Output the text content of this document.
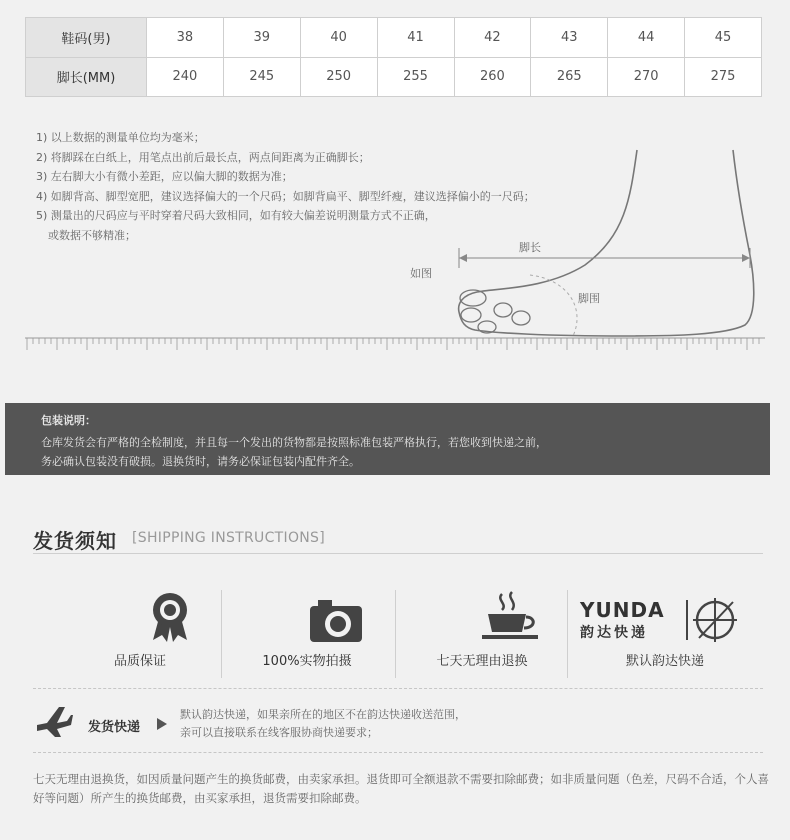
鞋码(男)	38	39	40	41	42	43	44	45
脚长(MM)	240	245	250	255	260	265	270	275
1) 以上数据的测量单位均为毫米；
2) 将脚踩在白纸上，用笔点出前后最长点，两点间距离为正确脚长；
3) 左右脚大小有微小差距，应以偏大脚的数据为准；
4) 如脚背高、脚型宽肥，建议选择偏大的一个尺码；如脚背扁平、脚型纤瘦，建议选择偏小的一尺码；
5) 测量出的尺码应与平时穿着尺码大致相同，如有较大偏差说明测量方式不正确，
或数据不够精准；
脚长
如图
脚围
包装说明：
仓库发货会有严格的全检制度，并且每一个发出的货物都是按照标准包装严格执行，若您收到快递之前，
务必确认包装没有破损。退换货时，请务必保证包装内配件齐全。
发货须知 [SHIPPING INSTRUCTIONS]
品质保证	100%实物拍摄	七天无理由退换
YUNDA
韵达快递
默认韵达快递
发货快递
默认韵达快递，如果亲所在的地区不在韵达快递收送范围，
亲可以直接联系在线客服协商快递要求；
七天无理由退换货，如因质量问题产生的换货邮费，由卖家承担。退货即可全额退款不需要扣除邮费；如非质量问题（色差，尺码不合适，个人喜好等问题）所产生的换货邮费，由买家承担，退货需要扣除邮费。
